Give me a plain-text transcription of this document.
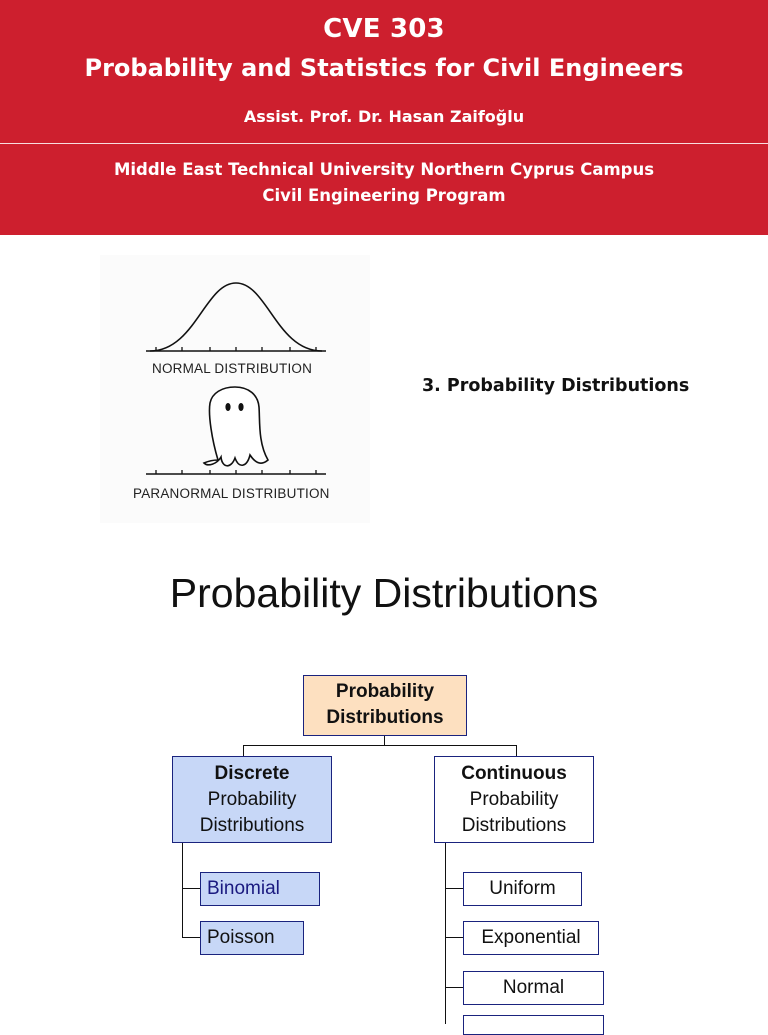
CVE 303
Probability and Statistics for Civil Engineers
Assist. Prof. Dr. Hasan Zaifoğlu
Middle East Technical University Northern Cyprus Campus
Civil Engineering Program
NORMAL DISTRIBUTION
PARANORMAL DISTRIBUTION
3. Probability Distributions
Probability Distributions
Probability Distributions
Discrete
Probability Distributions
Continuous
Probability Distributions
Binomial
Poisson
Uniform
Exponential
Normal
